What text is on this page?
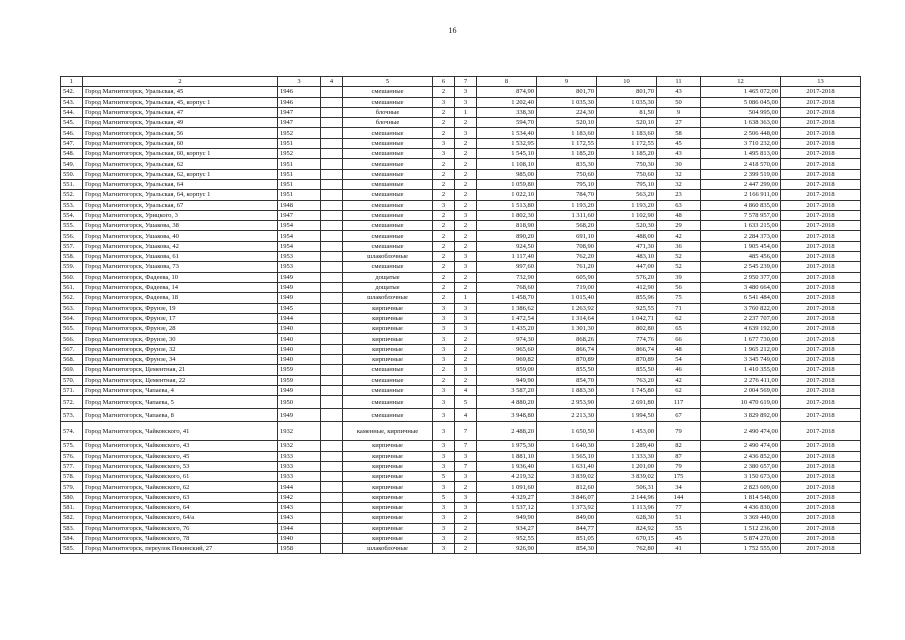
16
1	2	3	4	5	6	7	8	9	10	11	12	13
542.	Город Магнитогорск, Уральская, 45	1946		смешанные	2	3	874,90	801,70	801,70	43	1 465 072,00	2017-2018
543.	Город Магнитогорск, Уральская, 45, корпус 1	1946		смешанные	3	3	1 202,40	1 035,30	1 035,30	50	5 086 045,00	2017-2018
544.	Город Магнитогорск, Уральская, 47	1947		блочные	2	1	338,30	224,30	81,50	9	504 995,00	2017-2018
545.	Город Магнитогорск, Уральская, 49	1947		блочные	2	2	594,70	520,10	520,10	27	1 638 363,00	2017-2018
546.	Город Магнитогорск, Уральская, 56	1952		смешанные	2	3	1 534,40	1 183,60	1 183,60	58	2 506 448,00	2017-2018
547.	Город Магнитогорск, Уральская, 60	1951		смешанные	3	2	1 532,95	1 172,55	1 172,55	45	3 710 232,00	2017-2018
548.	Город Магнитогорск, Уральская, 60, корпус 1	1952		смешанные	3	2	1 545,10	1 185,20	1 185,20	43	1 495 813,00	2017-2018
549.	Город Магнитогорск, Уральская, 62	1951		смешанные	2	2	1 108,10	835,30	750,30	30	2 418 570,00	2017-2018
550.	Город Магнитогорск, Уральская, 62, корпус 1	1951		смешанные	2	2	985,00	750,60	750,60	32	2 399 519,00	2017-2018
551.	Город Магнитогорск, Уральская, 64	1951		смешанные	2	2	1 059,80	795,10	795,10	32	2 447 299,00	2017-2018
552.	Город Магнитогорск, Уральская, 64, корпус 1	1951		смешанные	2	2	1 022,10	784,70	563,20	23	2 166 911,00	2017-2018
553.	Город Магнитогорск, Уральская, 67	1948		смешанные	3	2	1 513,80	1 193,20	1 193,20	63	4 860 835,00	2017-2018
554.	Город Магнитогорск, Урицкого, 3	1947		смешанные	2	3	1 802,30	1 311,60	1 102,90	48	7 578 957,00	2017-2018
555.	Город Магнитогорск, Ушакова, 38	1954		смешанные	2	2	818,90	568,20	520,30	29	1 633 215,00	2017-2018
556.	Город Магнитогорск, Ушакова, 40	1954		смешанные	2	2	890,20	691,10	488,00	42	2 284 373,00	2017-2018
557.	Город Магнитогорск, Ушакова, 42	1954		смешанные	2	2	924,50	708,90	471,30	36	1 905 454,00	2017-2018
558.	Город Магнитогорск, Ушакова, 61	1953		шлакоблочные	2	3	1 117,40	762,20	483,10	52	485 456,00	2017-2018
559.	Город Магнитогорск, Ушакова, 73	1953		смешанные	2	3	997,60	761,20	447,00	52	2 545 239,00	2017-2018
560.	Город Магнитогорск, Фадеева, 10	1949		дощатые	2	2	732,90	605,90	576,20	39	2 950 377,00	2017-2018
561.	Город Магнитогорск, Фадеева, 14	1949		дощатые	2	2	768,60	719,00	412,90	56	3 480 664,00	2017-2018
562.	Город Магнитогорск, Фадеева, 18	1949		шлакоблочные	2	1	1 458,70	1 015,40	855,96	75	6 541 484,00	2017-2018
563.	Город Магнитогорск, Фрунзе, 19	1945		кирпичные	3	3	1 386,62	1 263,92	925,55	71	3 760 822,00	2017-2018
564.	Город Магнитогорск, Фрунзе, 17	1944		кирпичные	3	3	1 472,54	1 314,64	1 042,71	62	2 237 707,00	2017-2018
565.	Город Магнитогорск, Фрунзе, 28	1940		кирпичные	3	3	1 435,20	1 301,30	802,80	65	4 639 192,00	2017-2018
566.	Город Магнитогорск, Фрунзе, 30	1940		кирпичные	3	2	974,30	868,26	774,76	66	1 677 730,00	2017-2018
567.	Город Магнитогорск, Фрунзе, 32	1940		кирпичные	3	2	965,60	866,74	866,74	48	1 965 212,00	2017-2018
568.	Город Магнитогорск, Фрунзе, 34	1940		кирпичные	3	2	969,82	870,89	870,89	54	3 345 749,00	2017-2018
569.	Город Магнитогорск, Цементная, 21	1959		смешанные	2	3	959,00	855,50	855,50	46	1 410 355,00	2017-2018
570.	Город Магнитогорск, Цементная, 22	1959		смешанные	2	2	949,90	854,70	763,20	42	2 276 411,00	2017-2018
571.	Город Магнитогорск, Чапаева, 4	1949		смешанные	3	4	3 587,20	1 883,30	1 745,80	62	2 004 569,00	2017-2018
572.	Город Магнитогорск, Чапаева, 5	1950		смешанные	3	5	4 880,20	2 953,90	2 691,80	117	10 470 619,00	2017-2018
573.	Город Магнитогорск, Чапаева, 8	1949		смешанные	3	4	3 948,80	2 213,30	1 994,50	67	3 829 892,00	2017-2018
574.	Город Магнитогорск, Чайковского, 41	1932		каменные, кирпичные	3	7	2 488,20	1 650,50	1 453,00	79	2 490 474,00	2017-2018
575.	Город Магнитогорск, Чайковского, 43	1932		кирпичные	3	7	1 975,30	1 640,30	1 289,40	82	2 490 474,00	2017-2018
576.	Город Магнитогорск, Чайковского, 45	1933		кирпичные	3	3	1 881,10	1 565,10	1 333,30	87	2 436 852,00	2017-2018
577.	Город Магнитогорск, Чайковского, 53	1933		кирпичные	3	7	1 936,40	1 631,40	1 201,00	79	2 380 657,00	2017-2018
578.	Город Магнитогорск, Чайковского, 61	1933		кирпичные	5	3	4 219,32	3 839,02	3 839,02	175	3 150 673,00	2017-2018
579.	Город Магнитогорск, Чайковского, 62	1944		кирпичные	3	2	1 091,60	812,60	506,31	34	2 823 609,00	2017-2018
580.	Город Магнитогорск, Чайковского, 63	1942		кирпичные	5	3	4 329,27	3 846,07	2 144,96	144	1 814 548,00	2017-2018
581.	Город Магнитогорск, Чайковского, 64	1943		кирпичные	3	3	1 537,12	1 373,92	1 113,96	77	4 436 830,00	2017-2018
582.	Город Магнитогорск, Чайковского, 64/а	1943		кирпичные	3	2	949,90	849,00	628,30	51	3 369 449,00	2017-2018
583.	Город Магнитогорск, Чайковского, 76	1944		кирпичные	3	2	934,27	844,77	824,92	55	1 512 236,00	2017-2018
584.	Город Магнитогорск, Чайковского, 78	1940		кирпичные	3	2	952,55	851,05	670,15	45	5 874 270,00	2017-2018
585.	Город Магнитогорск, переулок Пекинский, 27	1958		шлакоблочные	3	2	926,90	854,30	762,80	41	1 752 555,00	2017-2018
